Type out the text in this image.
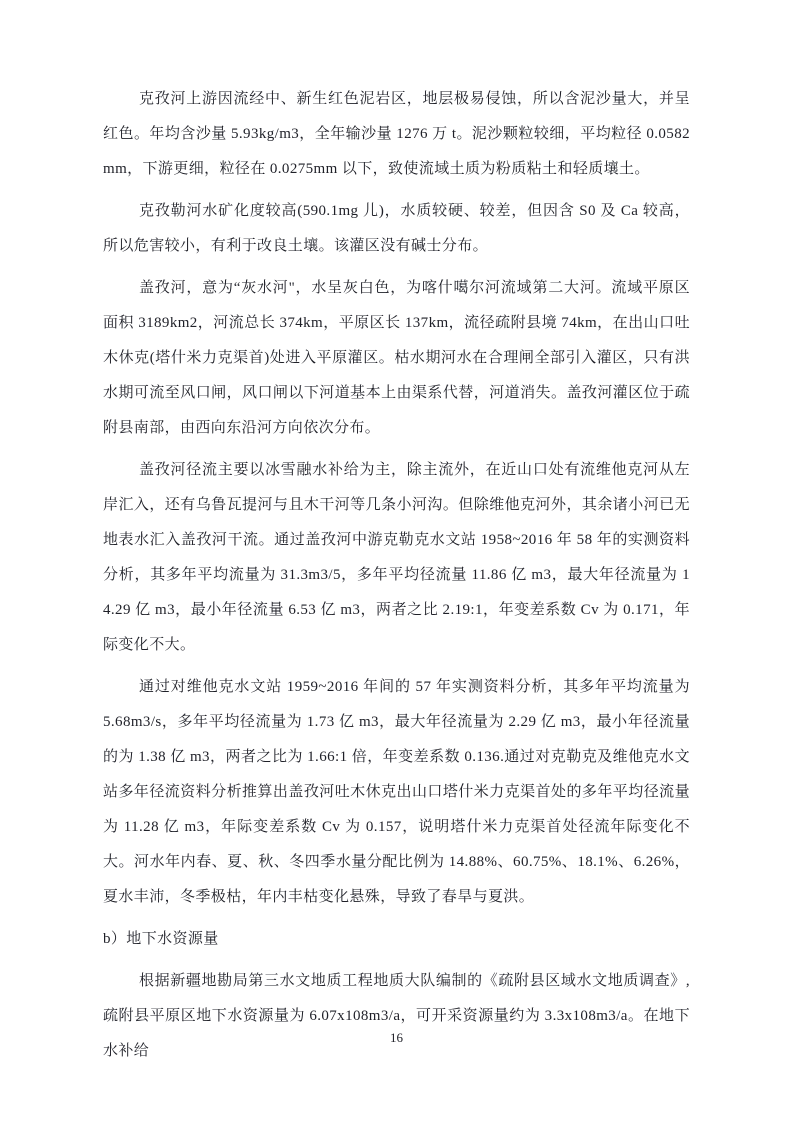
克孜河上游因流经中、新生红色泥岩区，地层极易侵蚀，所以含泥沙量大，并呈红色。年均含沙量 5.93kg/m3，全年输沙量 1276 万 t。泥沙颗粒较细，平均粒径 0.0582mm，下游更细，粒径在 0.0275mm 以下，致使流域土质为粉质粘土和轻质壤土。

克孜勒河水矿化度较高(590.1mg 儿)，水质较硬、较差，但因含 S0 及 Ca 较高，所以危害较小，有利于改良土壤。该灌区没有碱士分布。

盖孜河，意为“灰水河"，水呈灰白色，为喀什噶尔河流域第二大河。流域平原区面积 3189km2，河流总长 374km，平原区长 137km，流径疏附县境 74km，在出山口吐木休克(塔什米力克渠首)处进入平原灌区。枯水期河水在合理闸全部引入灌区，只有洪水期可流至风口闸，风口闸以下河道基本上由渠系代替，河道消失。盖孜河灌区位于疏附县南部，由西向东沿河方向依次分布。

盖孜河径流主要以冰雪融水补给为主，除主流外，在近山口处有流维他克河从左岸汇入，还有乌鲁瓦提河与且木干河等几条小河沟。但除维他克河外，其余诸小河已无地表水汇入盖孜河干流。通过盖孜河中游克勒克水文站 1958~2016 年 58 年的实测资料分析，其多年平均流量为 31.3m3/5，多年平均径流量 11.86 亿 m3，最大年径流量为 14.29 亿 m3，最小年径流量 6.53 亿 m3，两者之比 2.19:1，年变差系数 Cv 为 0.171，年际变化不大。

通过对维他克水文站 1959~2016 年间的 57 年实测资料分析，其多年平均流量为 5.68m3/s，多年平均径流量为 1.73 亿 m3，最大年径流量为 2.29 亿 m3，最小年径流量的为 1.38 亿 m3，两者之比为 1.66:1 倍，年变差系数 0.136.通过对克勒克及维他克水文站多年径流资料分析推算出盖孜河吐木休克出山口塔什米力克渠首处的多年平均径流量为 11.28 亿 m3，年际变差系数 Cv 为 0.157，说明塔什米力克渠首处径流年际变化不大。河水年内春、夏、秋、冬四季水量分配比例为 14.88%、60.75%、18.1%、6.26%，夏水丰沛，冬季极枯，年内丰枯变化悬殊，导致了春旱与夏洪。

b）地下水资源量

根据新疆地勘局第三水文地质工程地质大队编制的《疏附县区域水文地质调查》,疏附县平原区地下水资源量为 6.07x108m3/a，可开采资源量约为 3.3x108m3/a。在地下水补给

16
